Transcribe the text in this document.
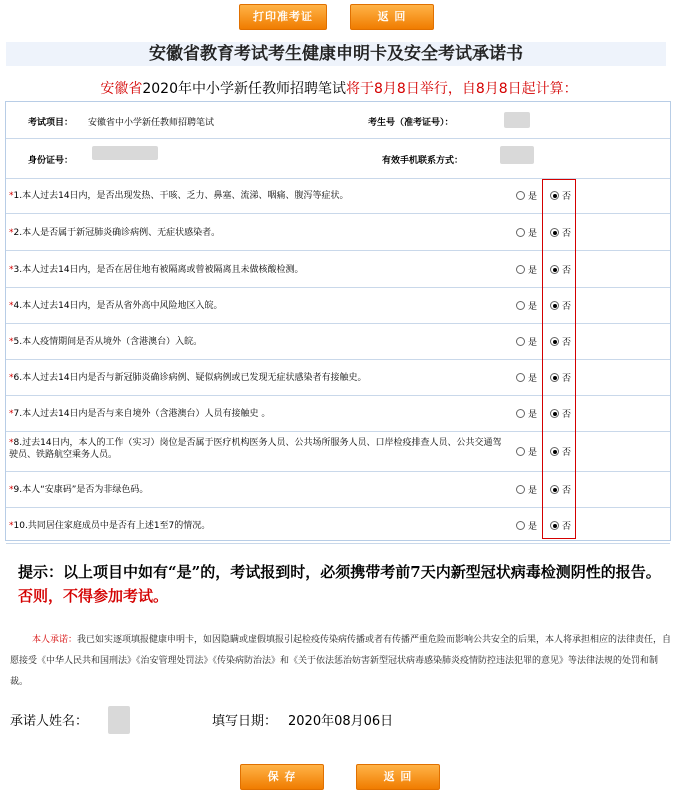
打印准考证	返 回
安徽省教育考试考生健康申明卡及安全考试承诺书
安徽省2020年中小学新任教师招聘笔试将于8月8日举行，自8月8日起计算：
考试项目： 安徽省中小学新任教师招聘笔试	考生号（准考证号）：
身份证号：	有效手机联系方式：
*1.本人过去14日内，是否出现发热、干咳、乏力、鼻塞、流涕、咽痛、腹泻等症状。	是	否
*2.本人是否属于新冠肺炎确诊病例、无症状感染者。	是	否
*3.本人过去14日内，是否在居住地有被隔离或曾被隔离且未做核酸检测。	是	否
*4.本人过去14日内，是否从省外高中风险地区入皖。	是	否
*5.本人疫情期间是否从境外（含港澳台）入皖。	是	否
*6.本人过去14日内是否与新冠肺炎确诊病例、疑似病例或已发现无症状感染者有接触史。	是	否
*7.本人过去14日内是否与来自境外（含港澳台）人员有接触史 。	是	否
*8.过去14日内，本人的工作（实习）岗位是否属于医疗机构医务人员、公共场所服务人员、口岸检疫排查人员、公共交通驾驶员、铁路航空乘务人员。	是	否
*9.本人“安康码”是否为非绿色码。	是	否
*10.共同居住家庭成员中是否有上述1至7的情况。	是	否
提示：以上项目中如有“是”的，考试报到时，必须携带考前7天内新型冠状病毒检测阴性的报告。否则，不得参加考试。
本人承诺：我已如实逐项填报健康申明卡，如因隐瞒或虚假填报引起检疫传染病传播或者有传播严重危险而影响公共安全的后果，本人将承担相应的法律责任，自愿接受《中华人民共和国刑法》《治安管理处罚法》《传染病防治法》和《关于依法惩治妨害新型冠状病毒感染肺炎疫情防控违法犯罪的意见》等法律法规的处罚和制裁。
承诺人姓名：	填写日期： 2020年08月06日
保 存	返 回
